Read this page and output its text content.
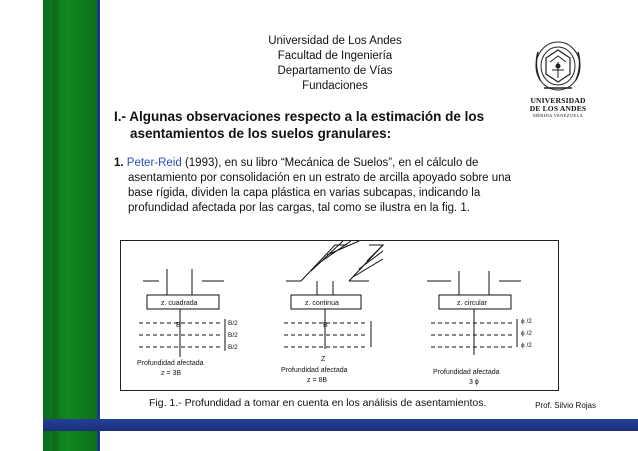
Universidad de Los Andes
Facultad de Ingeniería
Departamento de Vías
Fundaciones
UNIVERSIDAD
DE LOS ANDES
MÉRIDA VENEZUELA
I.- Algunas observaciones respecto a la estimación de los asentamientos de los suelos granulares:
1. Peter-Reid (1993), en su libro “Mecánica de Suelos”, en el cálculo de asentamiento por consolidación en un estrato de arcilla apoyado sobre una base rígida, dividen la capa plástica en varias subcapas, indicando la profundidad afectada por las cargas, tal como se ilustra en la fig. 1.
z. cuadrada
B	B/2
B/2
B/2
Profundidad afectada
z = 3B
z. continua
B
Z
Profundidad afectada
z = 8B
z. circular
ϕ /2
ϕ /2
ϕ /2
Profundidad afectada
3 ϕ
Fig. 1.- Profundidad a tomar en cuenta en los análisis de asentamientos.	Prof. Silvio Rojas
